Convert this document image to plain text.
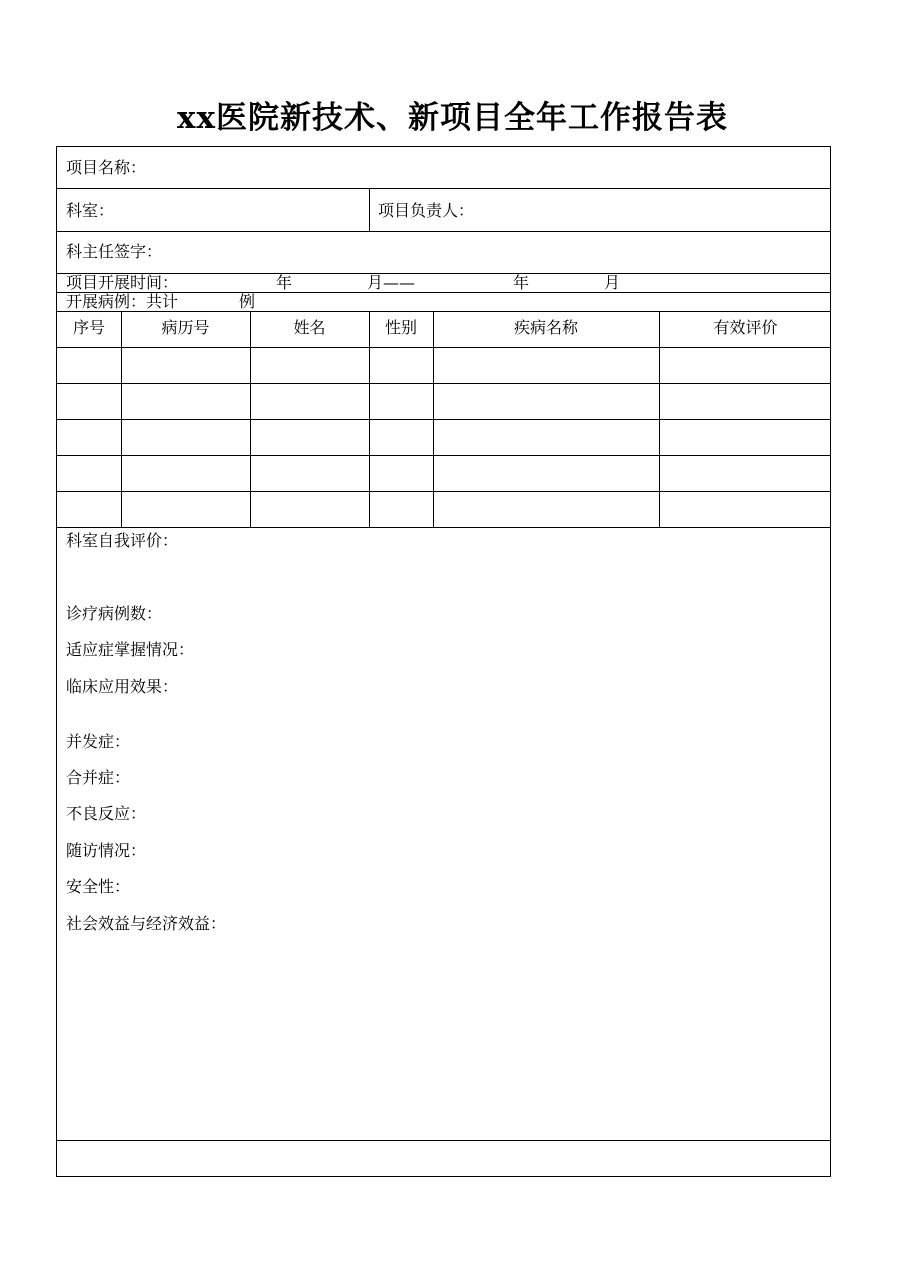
xx医院新技术、新项目全年工作报告表
项目名称：
科室：	项目负责人：
科主任签字：
项目开展时间：	年	月——	年	月
开展病例：共计	例
序号	病历号	姓名	性别	疾病名称	有效评价
科室自我评价：
诊疗病例数：
适应症掌握情况：
临床应用效果：
并发症：
合并症：
不良反应：
随访情况：
安全性：
社会效益与经济效益：
